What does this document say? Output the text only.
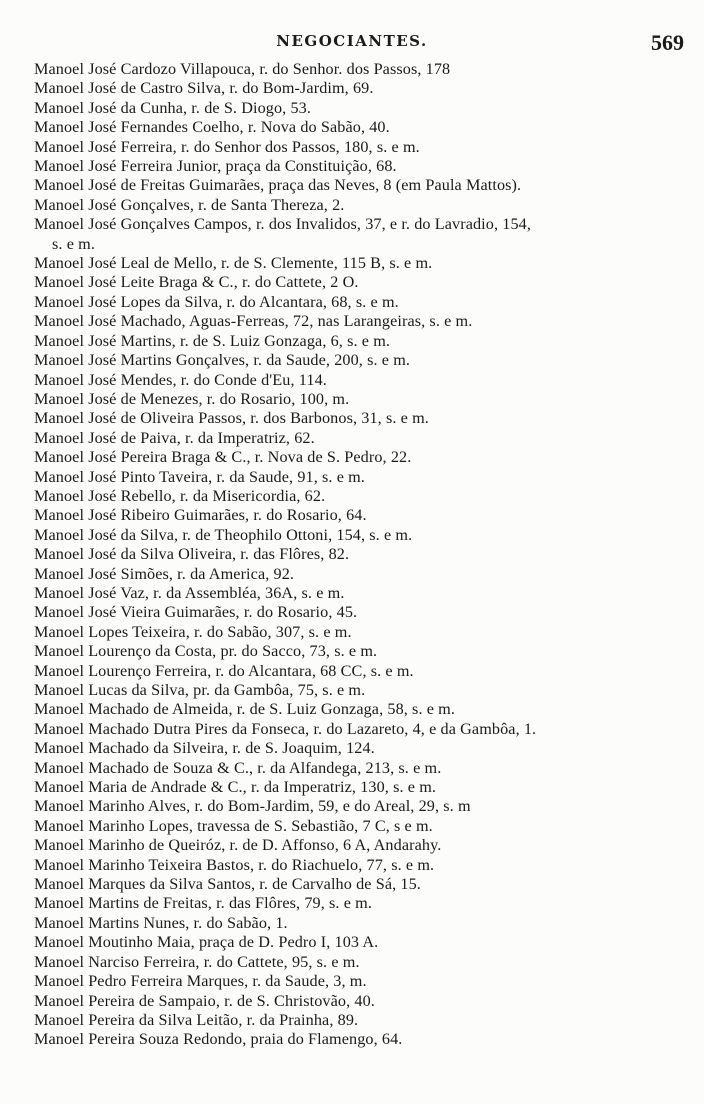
NEGOCIANTES.	569
Manoel José Cardozo Villapouca, r. do Senhor. dos Passos, 178
Manoel José de Castro Silva, r. do Bom-Jardim, 69.
Manoel José da Cunha, r. de S. Diogo, 53.
Manoel José Fernandes Coelho, r. Nova do Sabão, 40.
Manoel José Ferreira, r. do Senhor dos Passos, 180, s. e m.
Manoel José Ferreira Junior, praça da Constituição, 68.
Manoel José de Freitas Guimarães, praça das Neves, 8 (em Paula Mattos).
Manoel José Gonçalves, r. de Santa Thereza, 2.
Manoel José Gonçalves Campos, r. dos Invalidos, 37, e r. do Lavradio, 154,
s. e m.
Manoel José Leal de Mello, r. de S. Clemente, 115 B, s. e m.
Manoel José Leite Braga & C., r. do Cattete, 2 O.
Manoel José Lopes da Silva, r. do Alcantara, 68, s. e m.
Manoel José Machado, Aguas-Ferreas, 72, nas Larangeiras, s. e m.
Manoel José Martins, r. de S. Luiz Gonzaga, 6, s. e m.
Manoel José Martins Gonçalves, r. da Saude, 200, s. e m.
Manoel José Mendes, r. do Conde d'Eu, 114.
Manoel José de Menezes, r. do Rosario, 100, m.
Manoel José de Oliveira Passos, r. dos Barbonos, 31, s. e m.
Manoel José de Paiva, r. da Imperatriz, 62.
Manoel José Pereira Braga & C., r. Nova de S. Pedro, 22.
Manoel José Pinto Taveira, r. da Saude, 91, s. e m.
Manoel José Rebello, r. da Misericordia, 62.
Manoel José Ribeiro Guimarães, r. do Rosario, 64.
Manoel José da Silva, r. de Theophilo Ottoni, 154, s. e m.
Manoel José da Silva Oliveira, r. das Flôres, 82.
Manoel José Simões, r. da America, 92.
Manoel José Vaz, r. da Assembléa, 36A, s. e m.
Manoel José Vieira Guimarães, r. do Rosario, 45.
Manoel Lopes Teixeira, r. do Sabão, 307, s. e m.
Manoel Lourenço da Costa, pr. do Sacco, 73, s. e m.
Manoel Lourenço Ferreira, r. do Alcantara, 68 CC, s. e m.
Manoel Lucas da Silva, pr. da Gambôa, 75, s. e m.
Manoel Machado de Almeida, r. de S. Luiz Gonzaga, 58, s. e m.
Manoel Machado Dutra Pires da Fonseca, r. do Lazareto, 4, e da Gambôa, 1.
Manoel Machado da Silveira, r. de S. Joaquim, 124.
Manoel Machado de Souza & C., r. da Alfandega, 213, s. e m.
Manoel Maria de Andrade & C., r. da Imperatriz, 130, s. e m.
Manoel Marinho Alves, r. do Bom-Jardim, 59, e do Areal, 29, s. m
Manoel Marinho Lopes, travessa de S. Sebastião, 7 C, s e m.
Manoel Marinho de Queiróz, r. de D. Affonso, 6 A, Andarahy.
Manoel Marinho Teixeira Bastos, r. do Riachuelo, 77, s. e m.
Manoel Marques da Silva Santos, r. de Carvalho de Sá, 15.
Manoel Martins de Freitas, r. das Flôres, 79, s. e m.
Manoel Martins Nunes, r. do Sabão, 1.
Manoel Moutinho Maia, praça de D. Pedro I, 103 A.
Manoel Narciso Ferreira, r. do Cattete, 95, s. e m.
Manoel Pedro Ferreira Marques, r. da Saude, 3, m.
Manoel Pereira de Sampaio, r. de S. Christovão, 40.
Manoel Pereira da Silva Leitão, r. da Prainha, 89.
Manoel Pereira Souza Redondo, praia do Flamengo, 64.
